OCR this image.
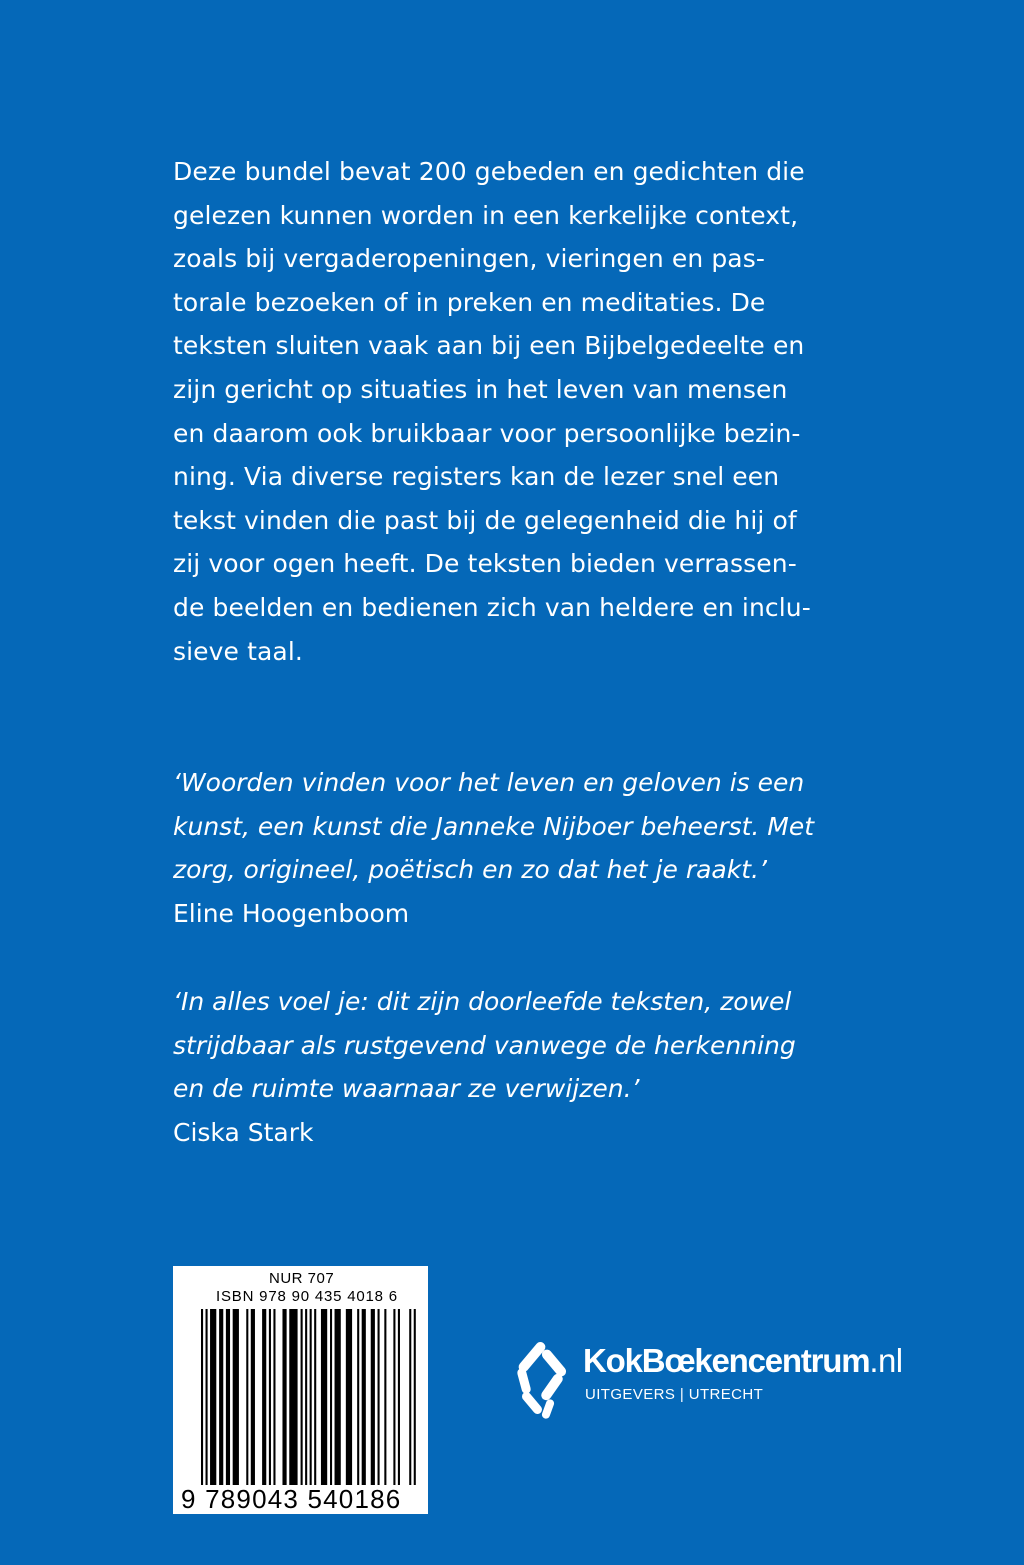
Deze bundel bevat 200 gebeden en gedichten die
gelezen kunnen worden in een kerkelijke context,
zoals bij vergaderopeningen, vieringen en pas-
torale bezoeken of in preken en meditaties. De
teksten sluiten vaak aan bij een Bijbelgedeelte en
zijn gericht op situaties in het leven van mensen
en daarom ook bruikbaar voor persoonlijke bezin-
ning. Via diverse registers kan de lezer snel een
tekst vinden die past bij de gelegenheid die hij of
zij voor ogen heeft. De teksten bieden verrassen-
de beelden en bedienen zich van heldere en inclu-
sieve taal.
‘Woorden vinden voor het leven en geloven is een
kunst, een kunst die Janneke Nijboer beheerst. Met
zorg, origineel, poëtisch en zo dat het je raakt.’
Eline Hoogenboom
‘In alles voel je: dit zijn doorleefde teksten, zowel
strijdbaar als rustgevend vanwege de herkenning
en de ruimte waarnaar ze verwijzen.’
Ciska Stark
NUR 707
ISBN 978 90 435 4018 6
9 789043 540186
KokBœkencentrum.nl
UITGEVERS | UTRECHT
